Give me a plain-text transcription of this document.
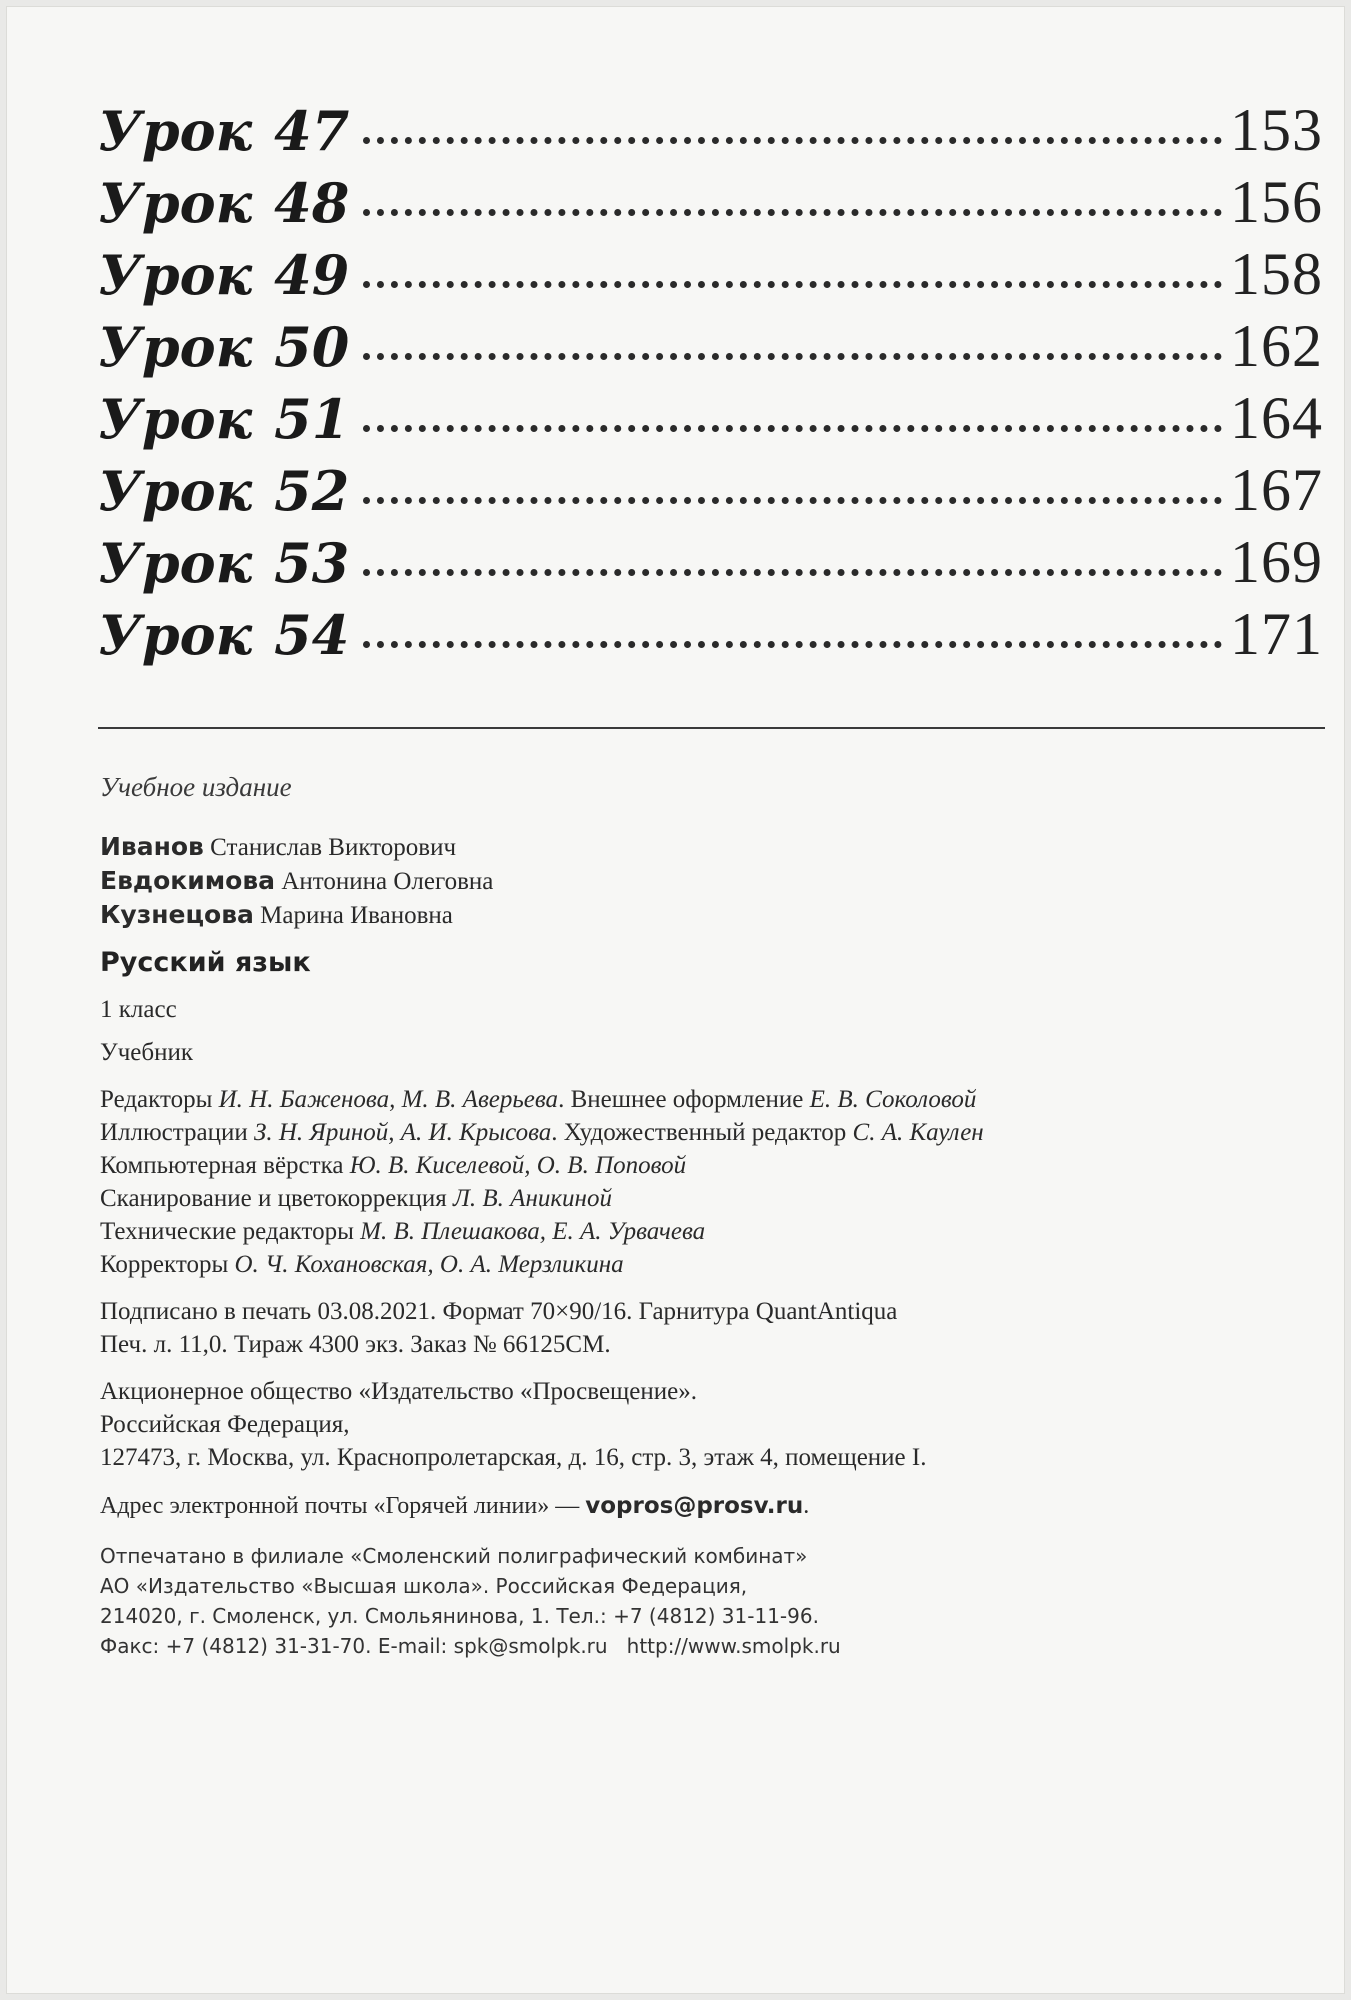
Урок 47	153
Урок 48	156
Урок 49	158
Урок 50	162
Урок 51	164
Урок 52	167
Урок 53	169
Урок 54	171

Учебное издание

Иванов Станислав Викторович

Евдокимова Антонина Олеговна

Кузнецова Марина Ивановна

Русский язык

1 класс

Учебник

Редакторы И. Н. Баженова, М. В. Аверьева. Внешнее оформление Е. В. Соколовой

Иллюстрации З. Н. Яриной, А. И. Крысова. Художественный редактор С. А. Каулен

Компьютерная вёрстка Ю. В. Киселевой, О. В. Поповой

Сканирование и цветокоррекция Л. В. Аникиной

Технические редакторы М. В. Плешакова, Е. А. Урвачева

Корректоры О. Ч. Кохановская, О. А. Мерзликина

Подписано в печать 03.08.2021. Формат 70×90/16. Гарнитура QuantAntiqua

Печ. л. 11,0. Тираж 4300 экз. Заказ № 66125СМ.

Акционерное общество «Издательство «Просвещение».

Российская Федерация,

127473, г. Москва, ул. Краснопролетарская, д. 16, стр. 3, этаж 4, помещение I.

Адрес электронной почты «Горячей линии» — vopros@prosv.ru.

Отпечатано в филиале «Смоленский полиграфический комбинат»

АО «Издательство «Высшая школа». Российская Федерация,

214020, г. Смоленск, ул. Смольянинова, 1. Тел.: +7 (4812) 31-11-96.

Факс: +7 (4812) 31-31-70. E-mail: spk@smolpk.ru   http://www.smolpk.ru
